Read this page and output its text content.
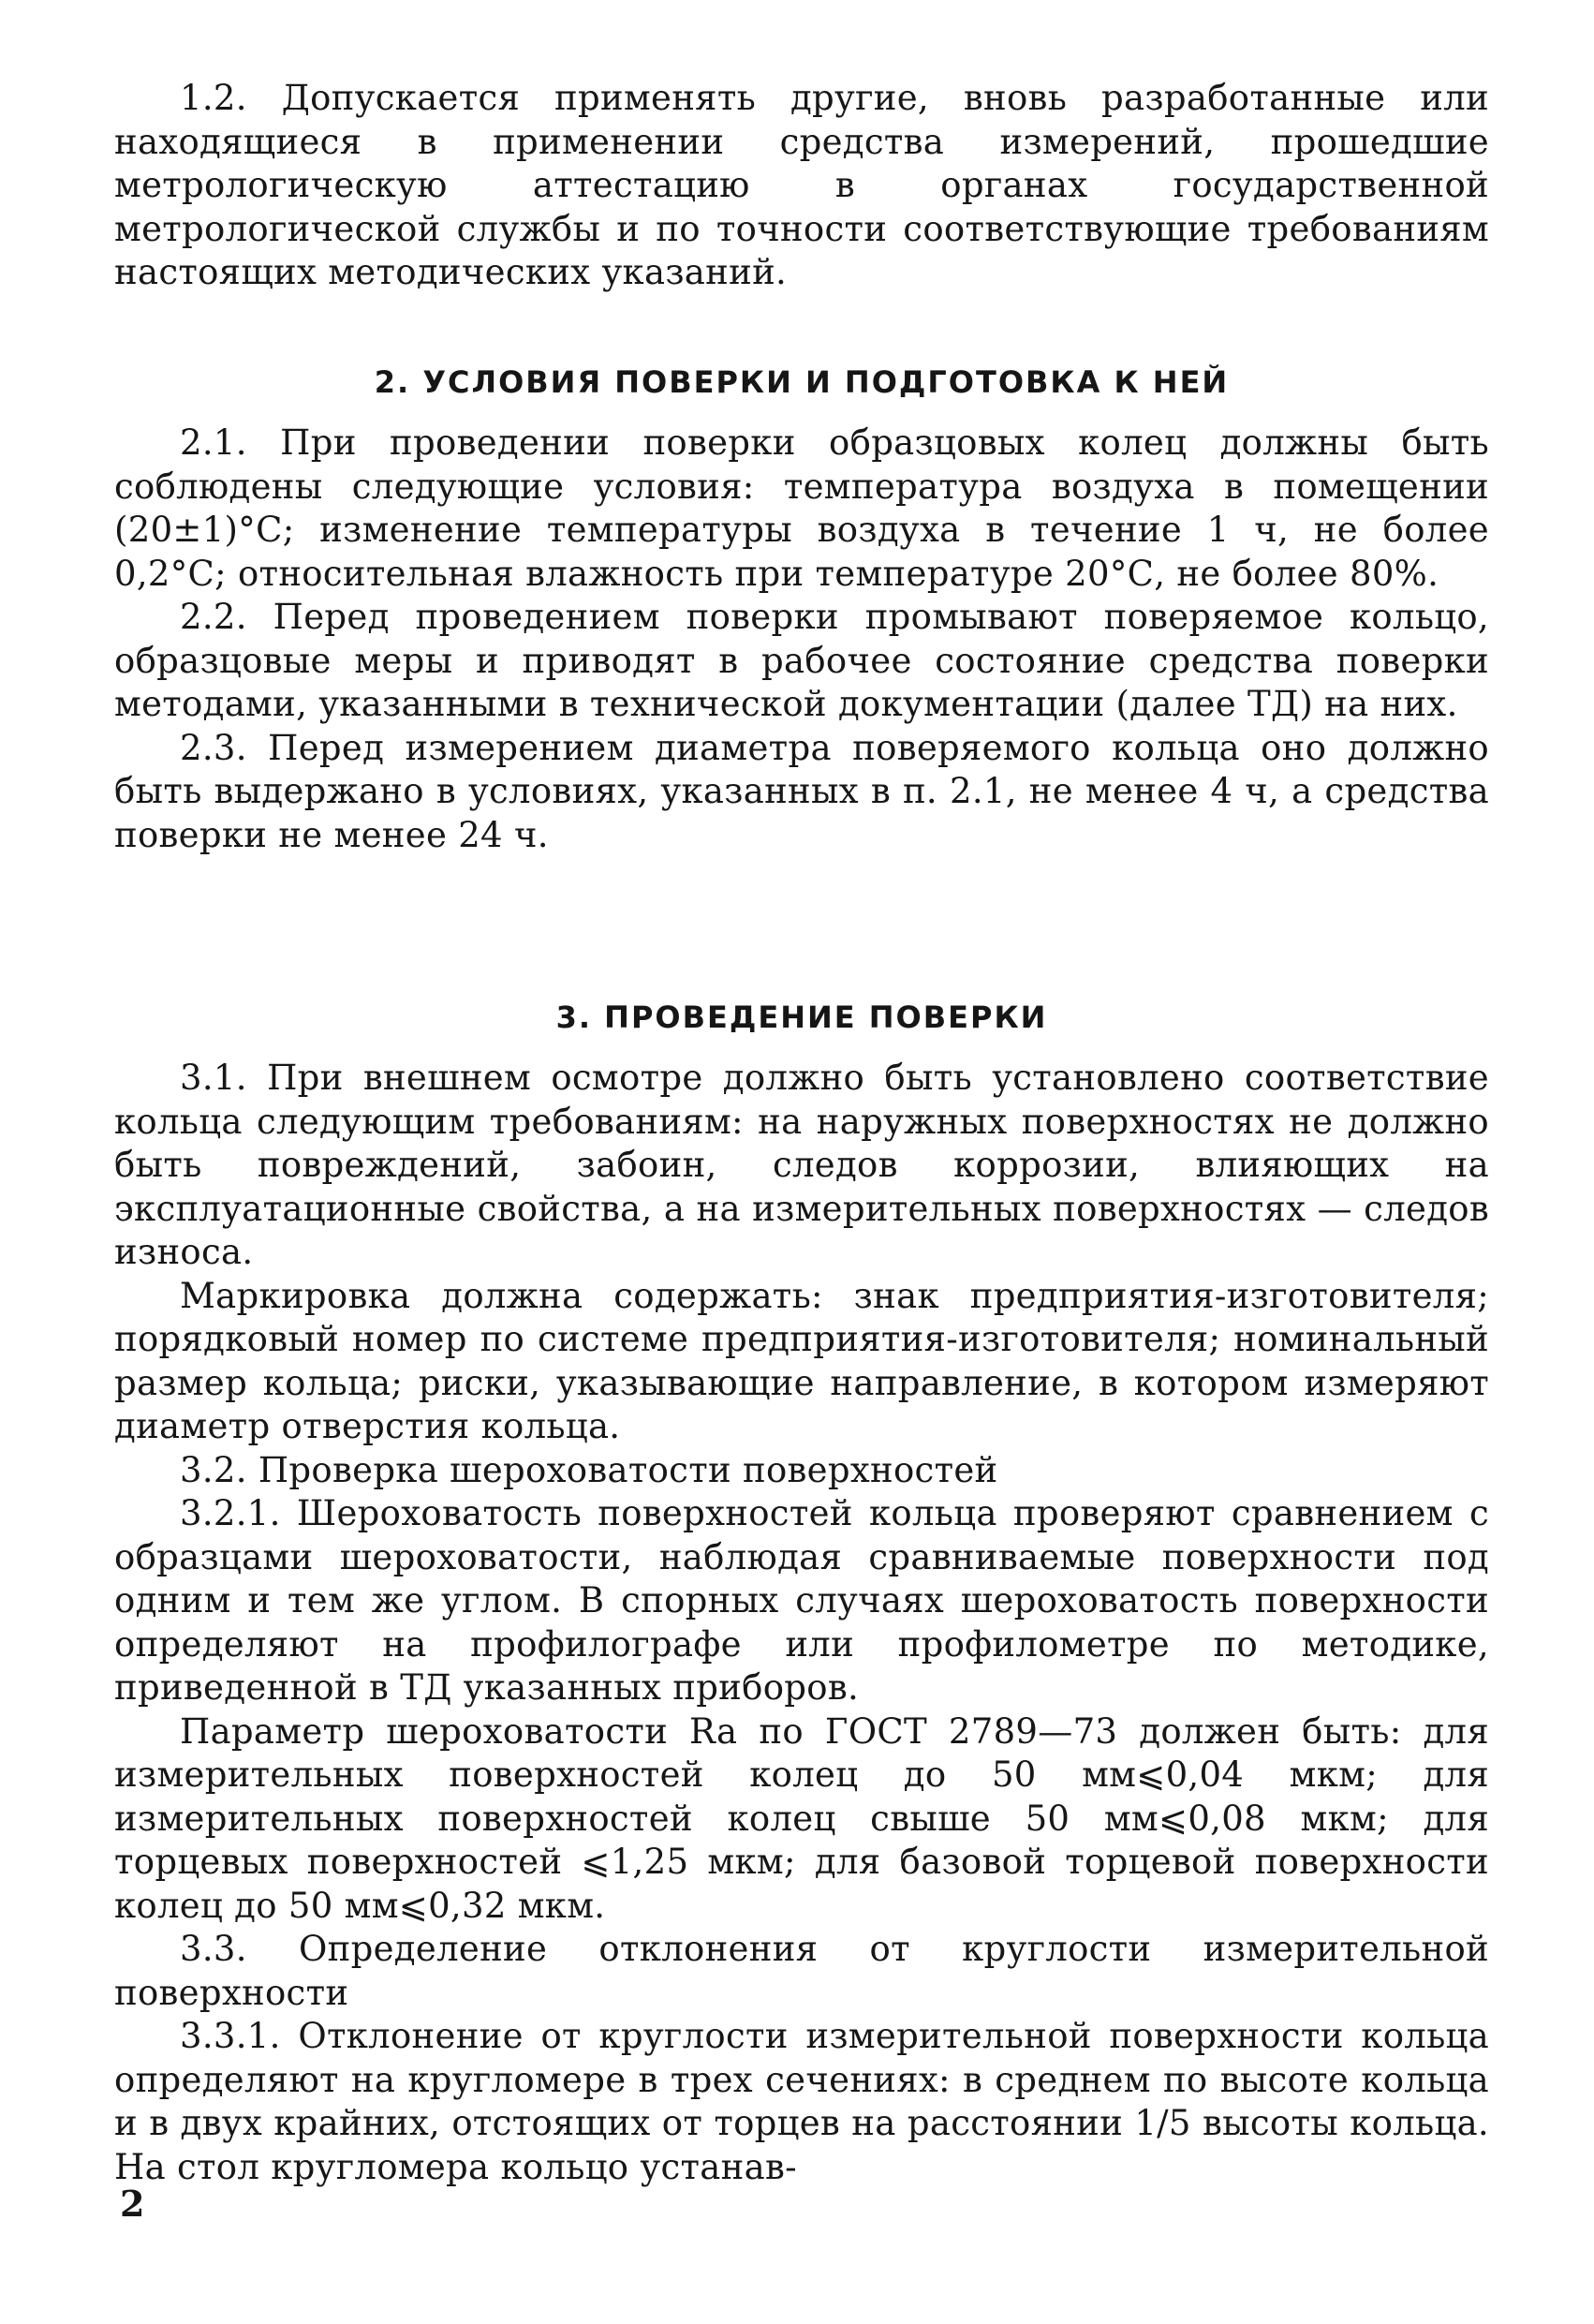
1.2. Допускается применять другие, вновь разработанные или находящиеся в применении средства измерений, прошедшие метрологическую аттестацию в органах государственной метрологической службы и по точности соответствующие требованиям настоящих методических указаний.

2. УСЛОВИЯ ПОВЕРКИ И ПОДГОТОВКА К НЕЙ

2.1. При проведении поверки образцовых колец должны быть соблюдены следующие условия: температура воздуха в помещении (20±1)°С; изменение температуры воздуха в течение 1 ч, не более 0,2°С; относительная влажность при температуре 20°С, не более 80%.

2.2. Перед проведением поверки промывают поверяемое кольцо, образцовые меры и приводят в рабочее состояние средства поверки методами, указанными в технической документации (далее ТД) на них.

2.3. Перед измерением диаметра поверяемого кольца оно должно быть выдержано в условиях, указанных в п. 2.1, не менее 4 ч, а средства поверки не менее 24 ч.

3. ПРОВЕДЕНИЕ ПОВЕРКИ

3.1. При внешнем осмотре должно быть установлено соответствие кольца следующим требованиям: на наружных поверхностях не должно быть повреждений, забоин, следов коррозии, влияющих на эксплуатационные свойства, а на измерительных поверхностях — следов износа.

Маркировка должна содержать: знак предприятия-изготовителя; порядковый номер по системе предприятия-изготовителя; номинальный размер кольца; риски, указывающие направление, в котором измеряют диаметр отверстия кольца.

3.2. Проверка шероховатости поверхностей

3.2.1. Шероховатость поверхностей кольца проверяют сравнением с образцами шероховатости, наблюдая сравниваемые поверхности под одним и тем же углом. В спорных случаях шероховатость поверхности определяют на профилографе или профилометре по методике, приведенной в ТД указанных приборов.

Параметр шероховатости Ra по ГОСТ 2789—73 должен быть: для измерительных поверхностей колец до 50 мм⩽0,04 мкм; для измерительных поверхностей колец свыше 50 мм⩽0,08 мкм; для торцевых поверхностей ⩽1,25 мкм; для базовой торцевой поверхности колец до 50 мм⩽0,32 мкм.

3.3. Определение отклонения от круглости измерительной поверхности

3.3.1. Отклонение от круглости измерительной поверхности кольца определяют на кругломере в трех сечениях: в среднем по высоте кольца и в двух крайних, отстоящих от торцев на расстоянии 1/5 высоты кольца. На стол кругломера кольцо устанав-

2
